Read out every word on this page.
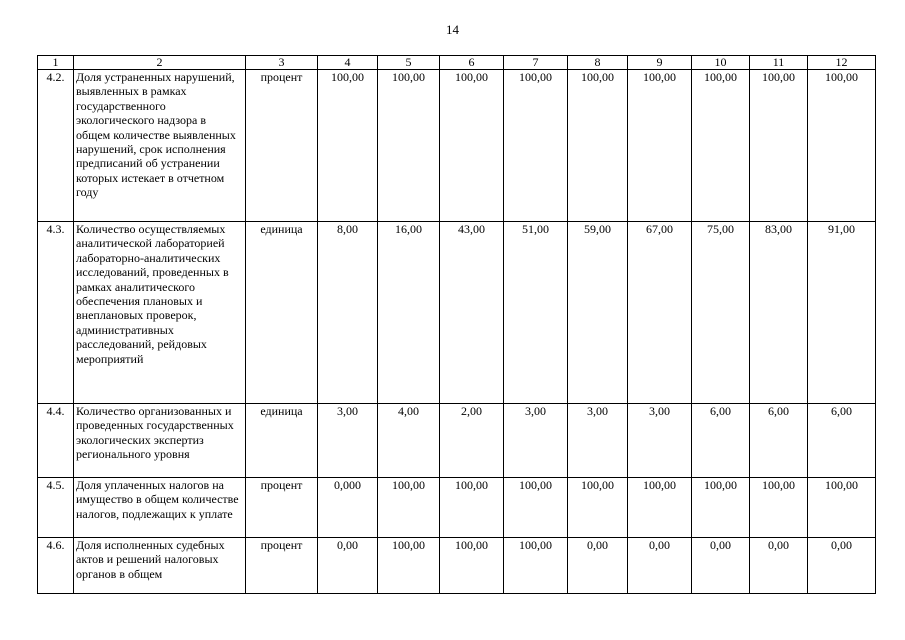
14
1	2	3	4	5	6	7	8	9	10	11	12
4.2.	Доля устраненных нарушений, выявленных в рамках государственного экологического надзора в общем количестве выявленных нарушений, срок исполнения предписаний об устранении которых истекает в отчетном году	процент	100,00	100,00	100,00	100,00	100,00	100,00	100,00	100,00	100,00
4.3.	Количество осуществляемых аналитической лабораторией лабораторно-аналитических исследований, проведенных в рамках аналитического обеспечения плановых и внеплановых проверок, административных расследований, рейдовых мероприятий	единица	8,00	16,00	43,00	51,00	59,00	67,00	75,00	83,00	91,00
4.4.	Количество организованных и проведенных государственных экологических экспертиз регионального уровня	единица	3,00	4,00	2,00	3,00	3,00	3,00	6,00	6,00	6,00
4.5.	Доля уплаченных налогов на имущество в общем количестве налогов, подлежащих к уплате	процент	0,000	100,00	100,00	100,00	100,00	100,00	100,00	100,00	100,00
4.6.	Доля исполненных судебных актов и решений налоговых органов в общем	процент	0,00	100,00	100,00	100,00	0,00	0,00	0,00	0,00	0,00
